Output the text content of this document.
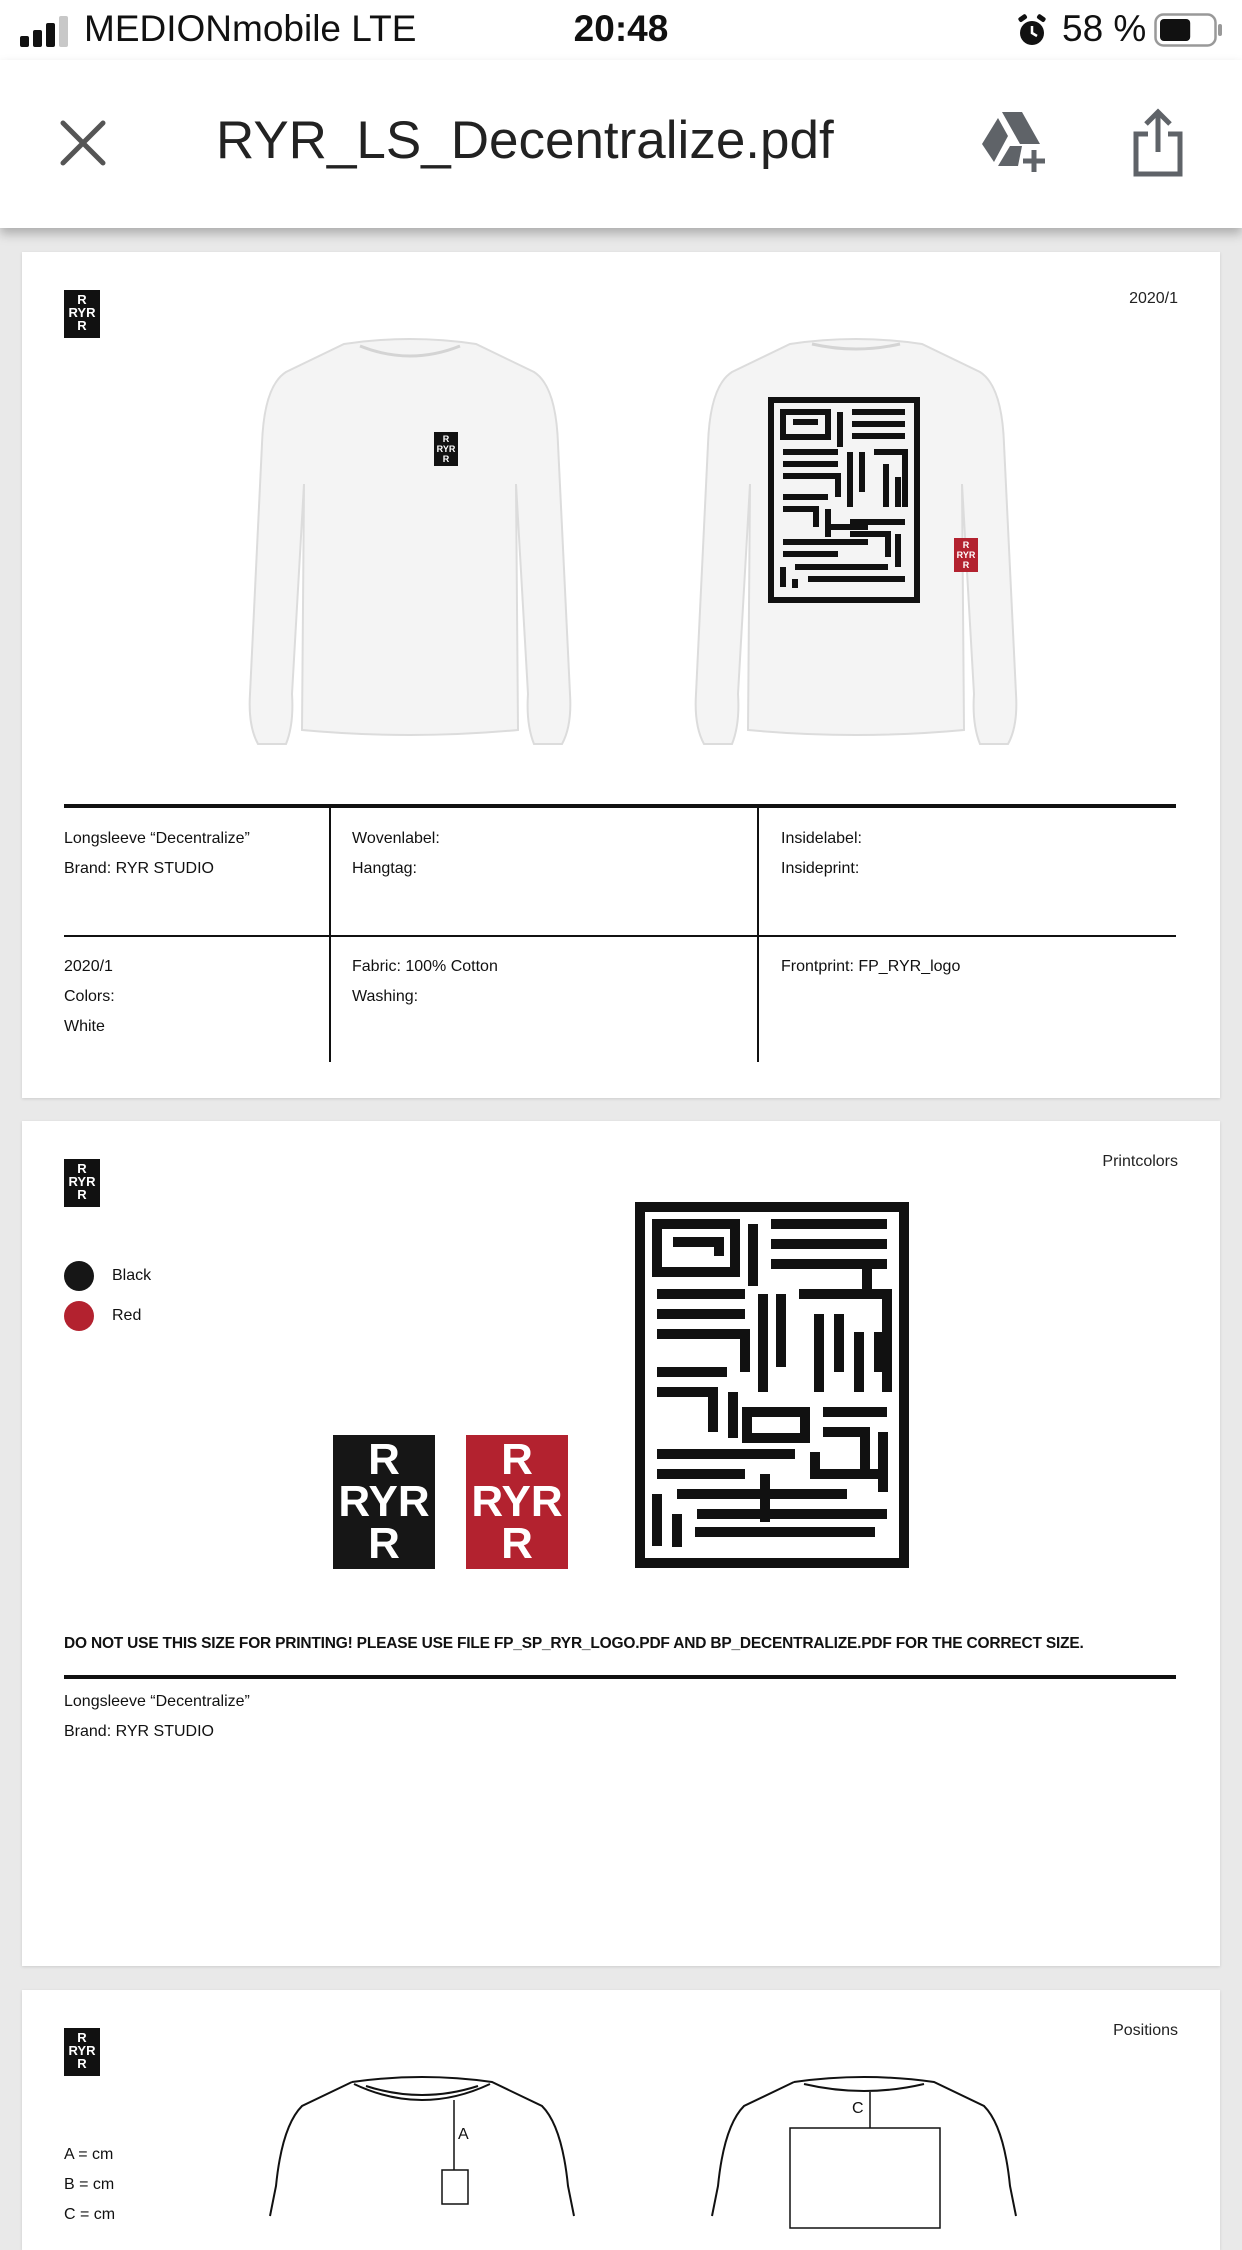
MEDIONmobile LTE	20:48	58 %
RYR_LS_Decentralize.pdf
R
RYR
R
2020/1
R
RYR
R
R
RYR
R
Longsleeve “Decentralize”
Brand: RYR STUDIO
Wovenlabel:
Hangtag:
Insidelabel:
Insideprint:
2020/1
Colors:
White
Fabric: 100% Cotton
Washing:
Frontprint: FP_RYR_logo
R
RYR
R
Printcolors
Black
Red
R
RYR
R
R
RYR
R
DO NOT USE THIS SIZE FOR PRINTING! PLEASE USE FILE FP_SP_RYR_LOGO.PDF AND BP_DECENTRALIZE.PDF FOR THE CORRECT SIZE.
Longsleeve “Decentralize”
Brand: RYR STUDIO
R
RYR
R
Positions
A = cm
B = cm
C = cm
A
C
